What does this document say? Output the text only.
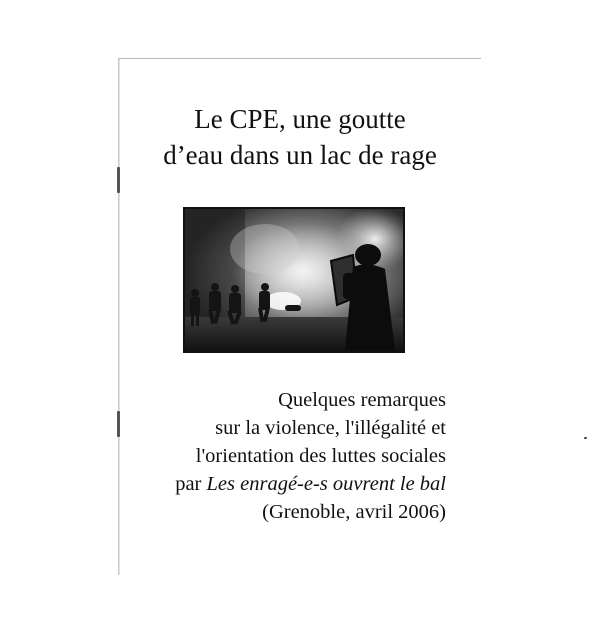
Le CPE, une goutte
d’eau dans un lac de rage
Quelques remarques
sur la violence, l'illégalité et
l'orientation des luttes sociales
par Les enragé-e-s ouvrent le bal
(Grenoble, avril 2006)
